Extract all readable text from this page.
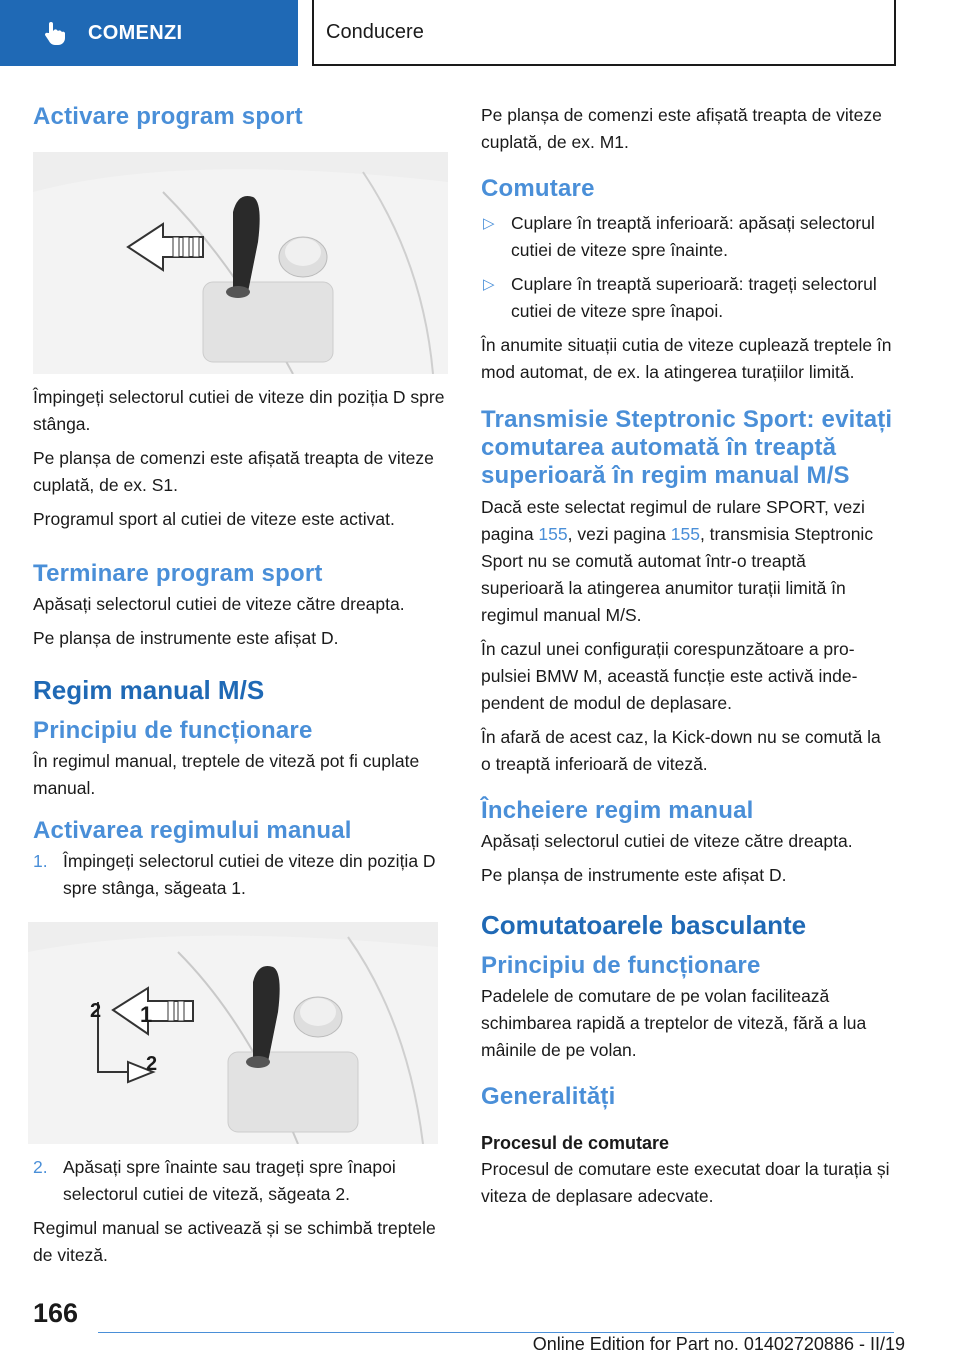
COMENZI	Conducere
Activare program sport

Împingeți selectorul cutiei de viteze din poziția D spre stânga.

Pe planșa de comenzi este afișată treapta de viteze cuplată, de ex. S1.

Programul sport al cutiei de viteze este activat.

Terminare program sport

Apăsați selectorul cutiei de viteze către dreapta.

Pe planșa de instrumente este afișat D.

Regim manual M/S
Principiu de funcționare

În regimul manual, treptele de viteză pot fi cuplate manual.

Activarea regimului manual
1. Împingeți selectorul cutiei de viteze din poziția D spre stânga, săgeata 1.
1
2
2
2. Apăsați spre înainte sau trageți spre înapoi selectorul cutiei de viteză, săgeata 2.

Regimul manual se activează și se schimbă treptele de viteză.

Pe planșa de comenzi este afișată treapta de viteze cuplată, de ex. M1.

Comutare
▷ Cuplare în treaptă inferioară: apăsați selectorul cutiei de viteze spre înainte.
▷ Cuplare în treaptă superioară: trageți selectorul cutiei de viteze spre înapoi.

În anumite situații cutia de viteze cuplează treptele în mod automat, de ex. la atingerea turațiilor limită.

Transmisie Steptronic Sport: evitați comutarea automată în treaptă superioară în regim manual M/S

Dacă este selectat regimul de rulare SPORT, vezi pagina 155, vezi pagina 155, transmisia Steptronic Sport nu se comută automat într-o treaptă superioară la atingerea anumitor turații limită în regimul manual M/S.

În cazul unei configurații corespunzătoare a propulsiei BMW M, această funcție este activă independent de modul de deplasare.

În afară de acest caz, la Kick-down nu se comută la o treaptă inferioară de viteză.

Încheiere regim manual

Apăsați selectorul cutiei de viteze către dreapta.

Pe planșa de instrumente este afișat D.

Comutatoarele basculante
Principiu de funcționare

Padelele de comutare de pe volan facilitează schimbarea rapidă a treptelor de viteză, fără a lua mâinile de pe volan.

Generalități
Procesul de comutare

Procesul de comutare este executat doar la turația și viteza de deplasare adecvate.

166
Online Edition for Part no. 01402720886 - II/19
